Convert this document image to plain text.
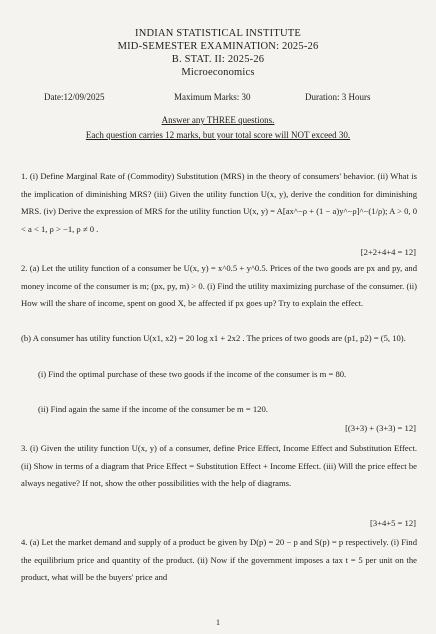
INDIAN STATISTICAL INSTITUTE
MID-SEMESTER EXAMINATION: 2025-26
B. STAT. II: 2025-26
Microeconomics
Date:12/09/2025	Maximum Marks: 30	Duration: 3 Hours
Answer any THREE questions.
Each question carries 12 marks, but your total score will NOT exceed 30.

1. (i) Define Marginal Rate of (Commodity) Substitution (MRS) in the theory of consumers' behavior. (ii) What is the implication of diminishing MRS? (iii) Given the utility function U(x, y), derive the condition for diminishing MRS. (iv) Derive the expression of MRS for the utility function U(x, y) = A[ax^−ρ + (1 − a)y^−ρ]^−(1/ρ); A > 0, 0 < a < 1, ρ > −1, ρ ≠ 0 .

[2+2+4+4 = 12]

2. (a) Let the utility function of a consumer be U(x, y) = x^0.5 + y^0.5. Prices of the two goods are px and py, and money income of the consumer is m; (px, py, m) > 0. (i) Find the utility maximizing purchase of the consumer. (ii) How will the share of income, spent on good X, be affected if px goes up? Try to explain the effect.

(b) A consumer has utility function U(x1, x2) = 20 log x1 + 2x2 . The prices of two goods are (p1, p2) = (5, 10).

(i) Find the optimal purchase of these two goods if the income of the consumer is m = 80.

(ii) Find again the same if the income of the consumer be m = 120.

[(3+3) + (3+3) = 12]

3. (i) Given the utility function U(x, y) of a consumer, define Price Effect, Income Effect and Substitution Effect. (ii) Show in terms of a diagram that Price Effect = Substitution Effect + Income Effect. (iii) Will the price effect be always negative? If not, show the other possibilities with the help of diagrams.

[3+4+5 = 12]

4. (a) Let the market demand and supply of a product be given by D(p) = 20 − p and S(p) = p respectively. (i) Find the equilibrium price and quantity of the product. (ii) Now if the government imposes a tax t = 5 per unit on the product, what will be the buyers' price and

1
